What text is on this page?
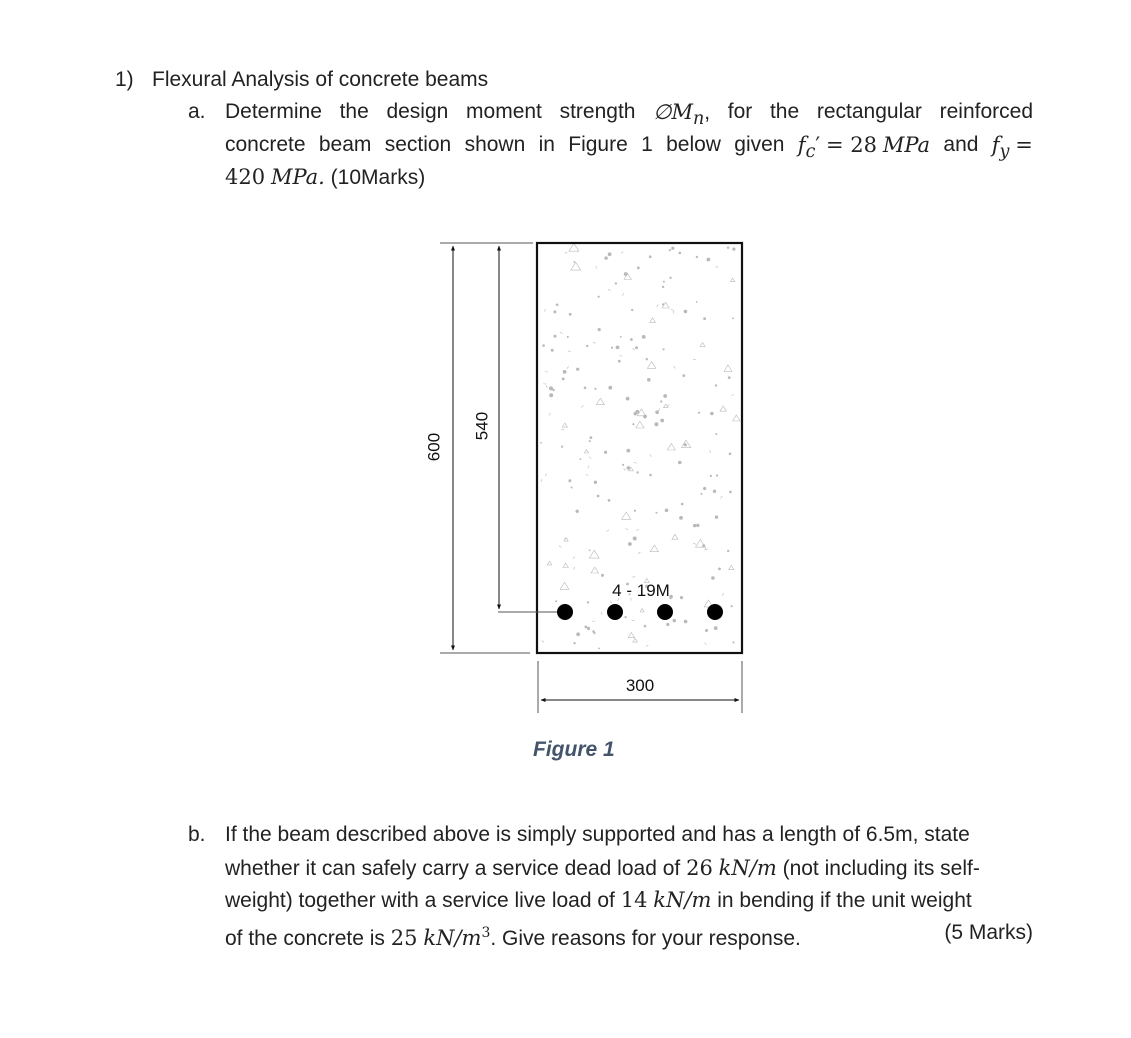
1) Flexural Analysis of concrete beams
a. Determine the design moment strength $\emptyset M_n$, for the rectangular reinforced
concrete beam section shown in Figure 1 below given $f_c' = 28$ MPa and $f_y$ =
420 MPa. (10Marks)
600
540
300
4 - 19M
Figure 1
b. If the beam described above is simply supported and has a length of 6.5m, state
whether it can safely carry a service dead load of 26 kN/m (not including its self-
weight) together with a service live load of 14 kN/m in bending if the unit weight
of the concrete is 25 $kN/m^3$. Give reasons for your response.	(5 Marks)
